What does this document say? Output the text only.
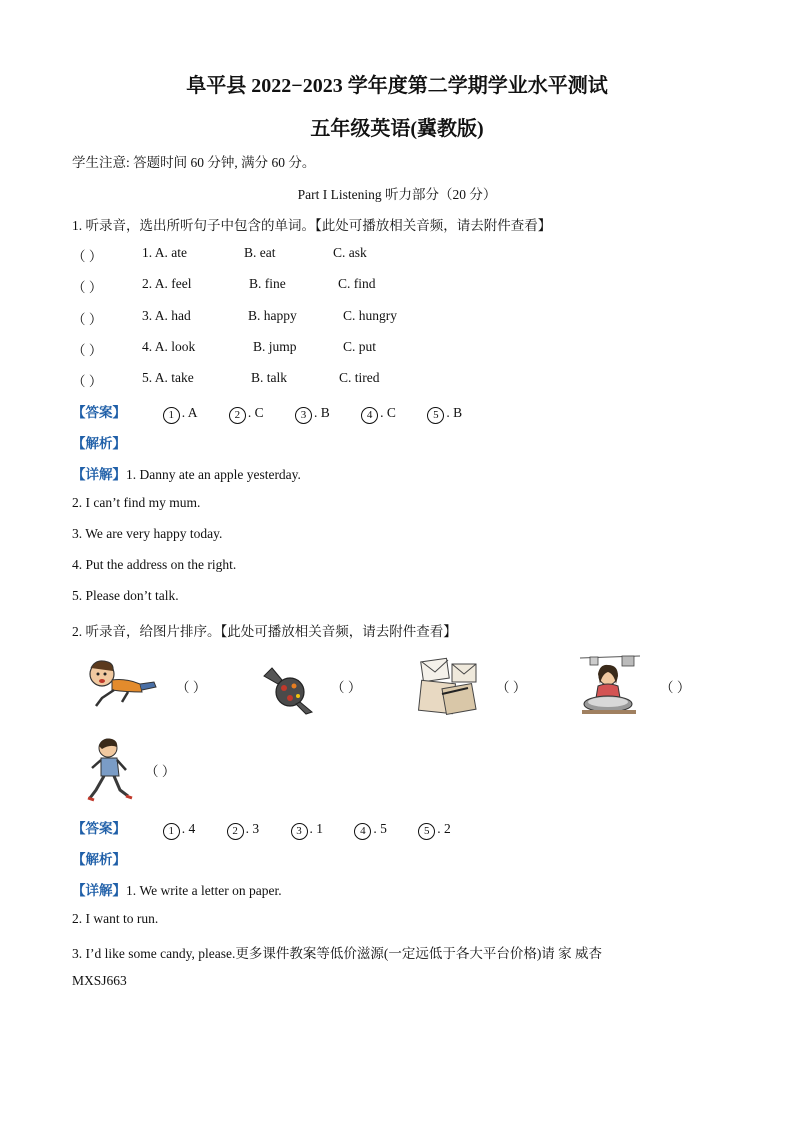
阜平县 2022−2023 学年度第二学期学业水平测试
五年级英语(冀教版)
学生注意: 答题时间 60 分钟, 满分 60 分。
Part I Listening 听力部分（20 分）
1. 听录音，选出所听句子中包含的单词。【此处可播放相关音频，请去附件查看】
（ ）	1. A. ate	B. eat	C. ask
（ ）	2. A. feel	B. fine	C. find
（ ）	3. A. had	B. happy	C. hungry
（ ）	4. A. look	B. jump	C. put
（ ）	5. A. take	B. talk	C. tired
【答案】	1 . A	2 . C	3 . B	4 . C	5 . B
【解析】
【详解】1. Danny ate an apple yesterday.
2. I can’t find my mum.
3. We are very happy today.
4. Put the address on the right.
5. Please don’t talk.
2. 听录音，给图片排序。【此处可播放相关音频，请去附件查看】
（ ）	（ ）	（ ）	（ ）
（ ）
【答案】	1 . 4	2 . 3	3 . 1	4 . 5	5 . 2
【解析】
【详解】1. We write a letter on paper.
2. I want to run.
3. I’d like some candy, please.更多课件教案等低价滋源(一定远低于各大平台价格)请 家 威杏
MXSJ663
